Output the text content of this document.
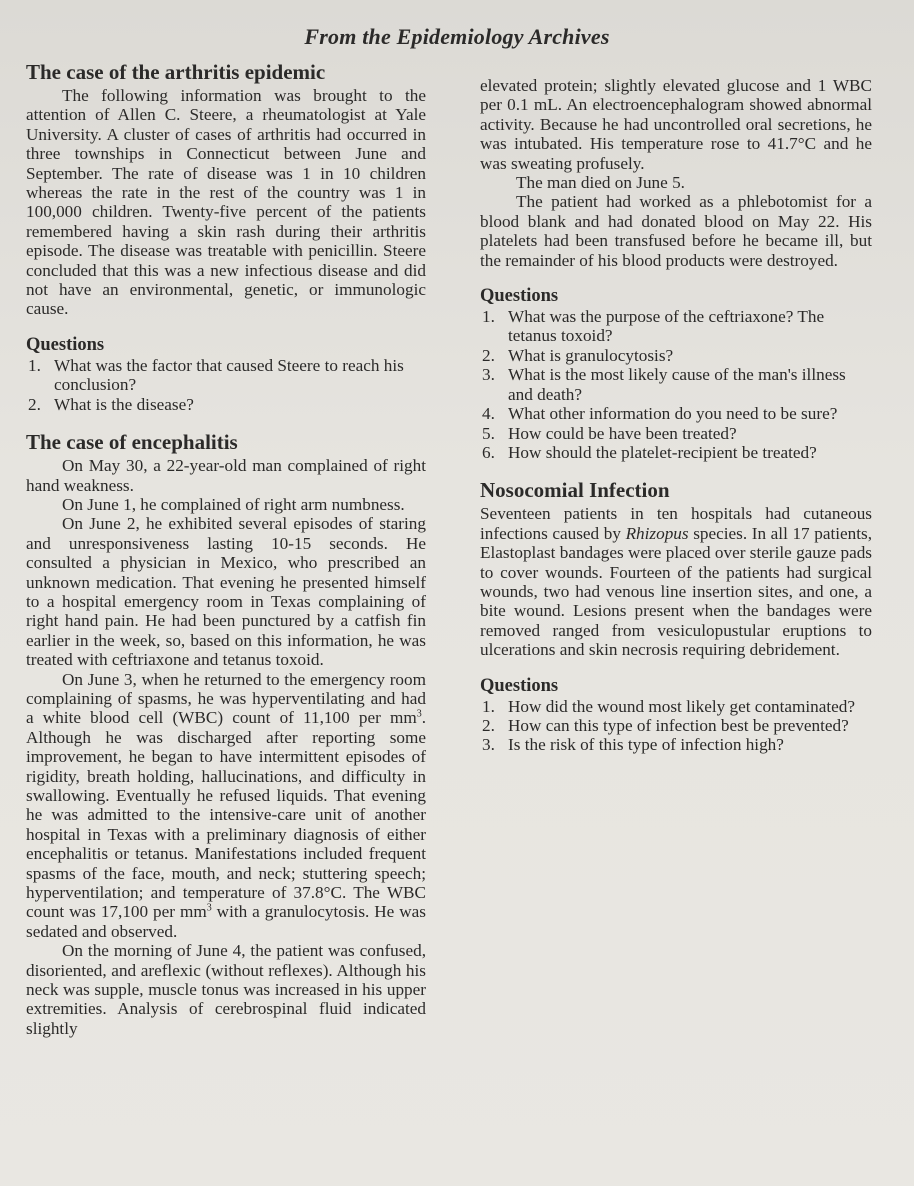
From the Epidemiology Archives
The case of the arthritis epidemic

The following information was brought to the attention of Allen C. Steere, a rheumatologist at Yale University. A cluster of cases of arthritis had occurred in three townships in Connecticut between June and September. The rate of disease was 1 in 10 children whereas the rate in the rest of the country was 1 in 100,000 children. Twenty-five percent of the patients remembered having a skin rash during their arthritis episode. The disease was treatable with penicillin. Steere concluded that this was a new infectious disease and did not have an environmental, genetic, or immunologic cause.

Questions
1. What was the factor that caused Steere to reach his conclusion?
2. What is the disease?
The case of encephalitis

On May 30, a 22-year-old man complained of right hand weakness.

On June 1, he complained of right arm numbness.

On June 2, he exhibited several episodes of staring and unresponsiveness lasting 10-15 seconds. He consulted a physician in Mexico, who prescribed an unknown medication. That evening he presented himself to a hospital emergency room in Texas complaining of right hand pain. He had been punctured by a catfish fin earlier in the week, so, based on this information, he was treated with ceftriaxone and tetanus toxoid.

On June 3, when he returned to the emergency room complaining of spasms, he was hyperventilating and had a white blood cell (WBC) count of 11,100 per $mm^3$. Although he was discharged after reporting some improvement, he began to have intermittent episodes of rigidity, breath holding, hallucinations, and difficulty in swallowing. Eventually he refused liquids. That evening he was admitted to the intensive-care unit of another hospital in Texas with a preliminary diagnosis of either encephalitis or tetanus. Manifestations included frequent spasms of the face, mouth, and neck; stuttering speech; hyperventilation; and temperature of 37.8°C. The WBC count was 17,100 per $mm^3$ with a granulocytosis. He was sedated and observed.

On the morning of June 4, the patient was confused, disoriented, and areflexic (without reflexes). Although his neck was supple, muscle tonus was increased in his upper extremities. Analysis of cerebrospinal fluid indicated slightly

elevated protein; slightly elevated glucose and 1 WBC per 0.1 mL. An electroencephalogram showed abnormal activity. Because he had uncontrolled oral secretions, he was intubated. His temperature rose to 41.7°C and he was sweating profusely.

The man died on June 5.

The patient had worked as a phlebotomist for a blood blank and had donated blood on May 22. His platelets had been transfused before he became ill, but the remainder of his blood products were destroyed.

Questions
1. What was the purpose of the ceftriaxone? The tetanus toxoid?
2. What is granulocytosis?
3. What is the most likely cause of the man's illness and death?
4. What other information do you need to be sure?
5. How could be have been treated?
6. How should the platelet-recipient be treated?
Nosocomial Infection

Seventeen patients in ten hospitals had cutaneous infections caused by Rhizopus species. In all 17 patients, Elastoplast bandages were placed over sterile gauze pads to cover wounds. Fourteen of the patients had surgical wounds, two had venous line insertion sites, and one, a bite wound. Lesions present when the bandages were removed ranged from vesiculopustular eruptions to ulcerations and skin necrosis requiring debridement.

Questions
1. How did the wound most likely get contaminated?
2. How can this type of infection best be prevented?
3. Is the risk of this type of infection high?
